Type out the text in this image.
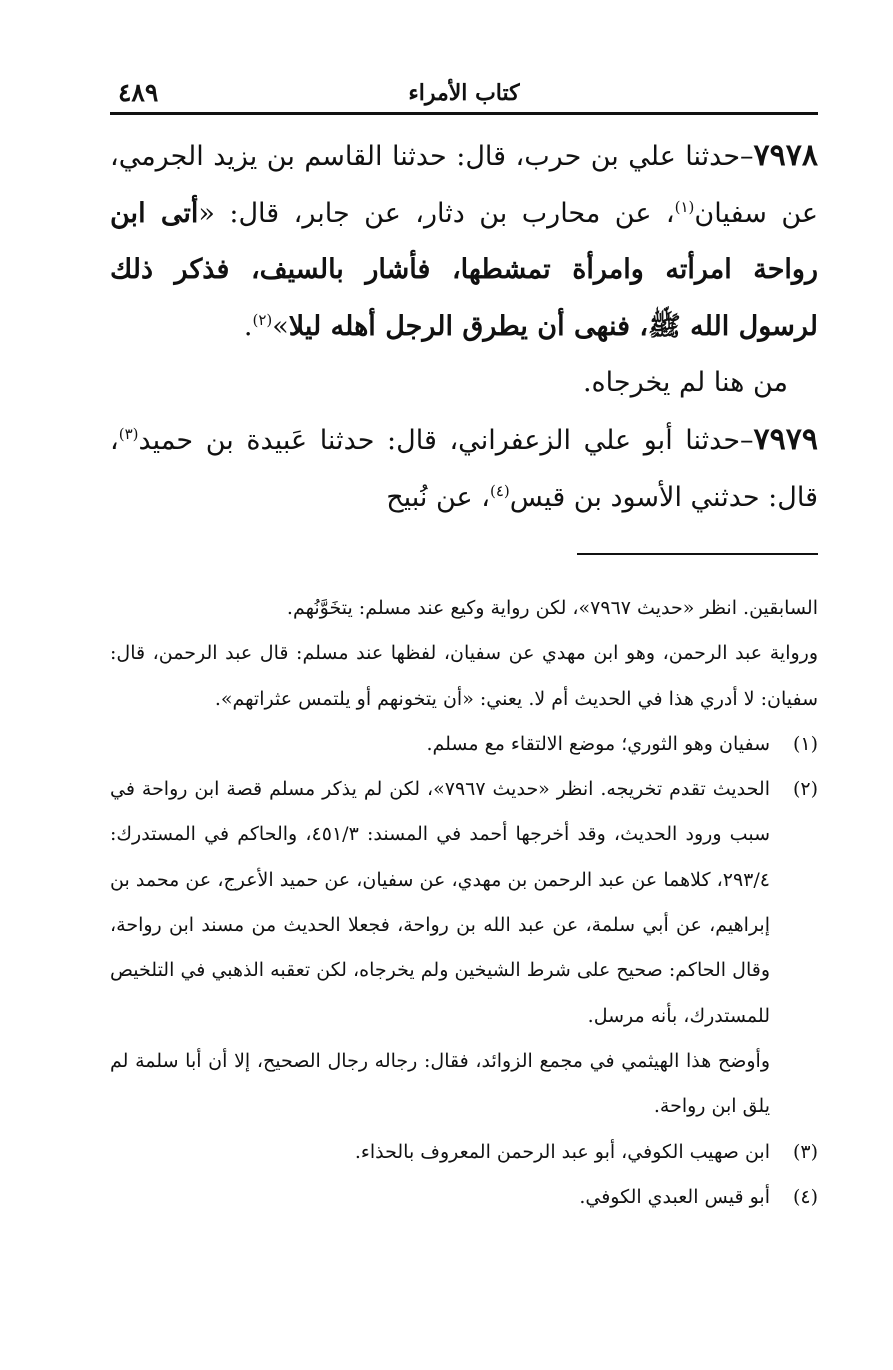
٤٨٩	كتاب الأمراء

٧٩٧٨–حدثنا علي بن حرب، قال: حدثنا القاسم بن يزيد الجرمي، عن سفيان$^{(١)}$، عن محارب بن دثار، عن جابر، قال: «أتى ابن رواحة امرأته وامرأة تمشطها، فأشار بالسيف، فذكر ذلك لرسول الله ﷺ، فنهى أن يطرق الرجل أهله ليلا»$^{(٢)}$.

من هنا لم يخرجاه.

٧٩٧٩–حدثنا أبو علي الزعفراني، قال: حدثنا عَبيدة بن حميد$^{(٣)}$، قال: حدثني الأسود بن قيس$^{(٤)}$، عن نُبيح

السابقين. انظر «حديث ٧٩٦٧»، لكن رواية وكيع عند مسلم: يتخَوَّنُهم.

ورواية عبد الرحمن، وهو ابن مهدي عن سفيان، لفظها عند مسلم: قال عبد الرحمن، قال: سفيان: لا أدري هذا في الحديث أم لا. يعني: «أن يتخونهم أو يلتمس عثراتهم».

(١)
سفيان وهو الثوري؛ موضع الالتقاء مع مسلم.
(٢)
الحديث تقدم تخريجه. انظر «حديث ٧٩٦٧»، لكن لم يذكر مسلم قصة ابن رواحة في سبب ورود الحديث، وقد أخرجها أحمد في المسند: ٤٥١/٣، والحاكم في المستدرك: ٢٩٣/٤، كلاهما عن عبد الرحمن بن مهدي، عن سفيان، عن حميد الأعرج، عن محمد بن إبراهيم، عن أبي سلمة، عن عبد الله بن رواحة، فجعلا الحديث من مسند ابن رواحة، وقال الحاكم: صحيح على شرط الشيخين ولم يخرجاه، لكن تعقبه الذهبي في التلخيص للمستدرك، بأنه مرسل.

وأوضح هذا الهيثمي في مجمع الزوائد، فقال: رجاله رجال الصحيح، إلا أن أبا سلمة لم يلق ابن رواحة.

(٣)
ابن صهيب الكوفي، أبو عبد الرحمن المعروف بالحذاء.
(٤)
أبو قيس العبدي الكوفي.
